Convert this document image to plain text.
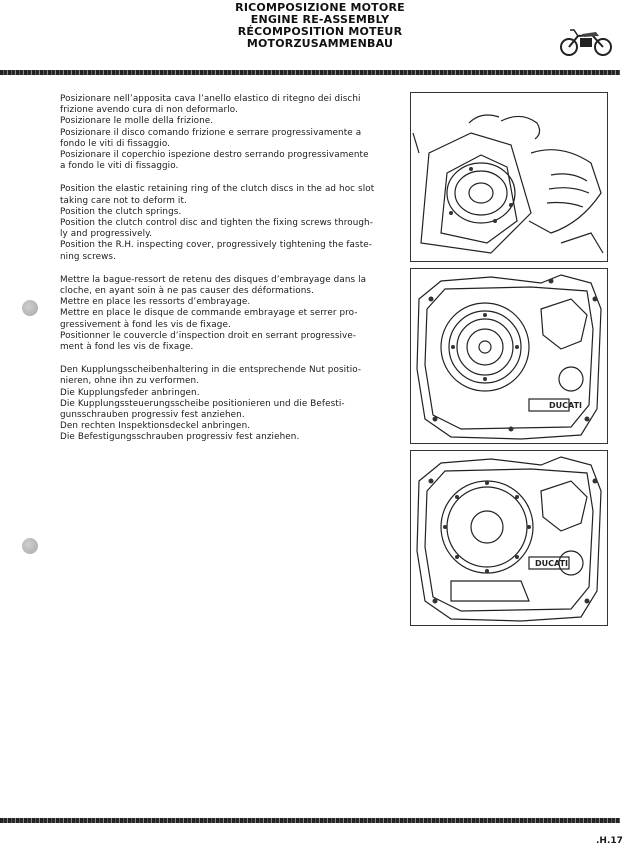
RICOMPOSIZIONE MOTORE
ENGINE RE-ASSEMBLY
RÉCOMPOSITION MOTEUR
MOTORZUSAMMENBAU
Posizionare nell’apposita cava l’anello elastico di ritegno dei dischi
frizione avendo cura di non deformarlo.
Posizionare le molle della frizione.
Posizionare il disco comando frizione e serrare progressivamente a
fondo le viti di fissaggio.
Posizionare il coperchio ispezione destro serrando progressivamente
a fondo le viti di fissaggio.
Position the elastic retaining ring of the clutch discs in the ad hoc slot
taking care not to deform it.
Position the clutch springs.
Position the clutch control disc and tighten the fixing screws through-
ly and progressively.
Position the R.H. inspecting cover, progressively tightening the faste-
ning screws.
Mettre la bague-ressort de retenu des disques d’embrayage dans la
cloche, en ayant soin à ne pas causer des déformations.
Mettre en place les ressorts d’embrayage.
Mettre en place le disque de commande embrayage et serrer pro-
gressivement à fond les vis de fixage.
Positionner le couvercle d’inspection droit en serrant progressive-
ment à fond les vis de fixage.
Den Kupplungsscheibenhaltering in die entsprechende Nut positio-
nieren, ohne ihn zu verformen.
Die Kupplungsfeder anbringen.
Die Kupplungssteuerungsscheibe positionieren und die Befesti-
gunsschrauben progressiv fest anziehen.
Den rechten Inspektionsdeckel anbringen.
Die Befestigungsschrauben progressiv fest anziehen.
DUCATI
DUCATI
.H.17
